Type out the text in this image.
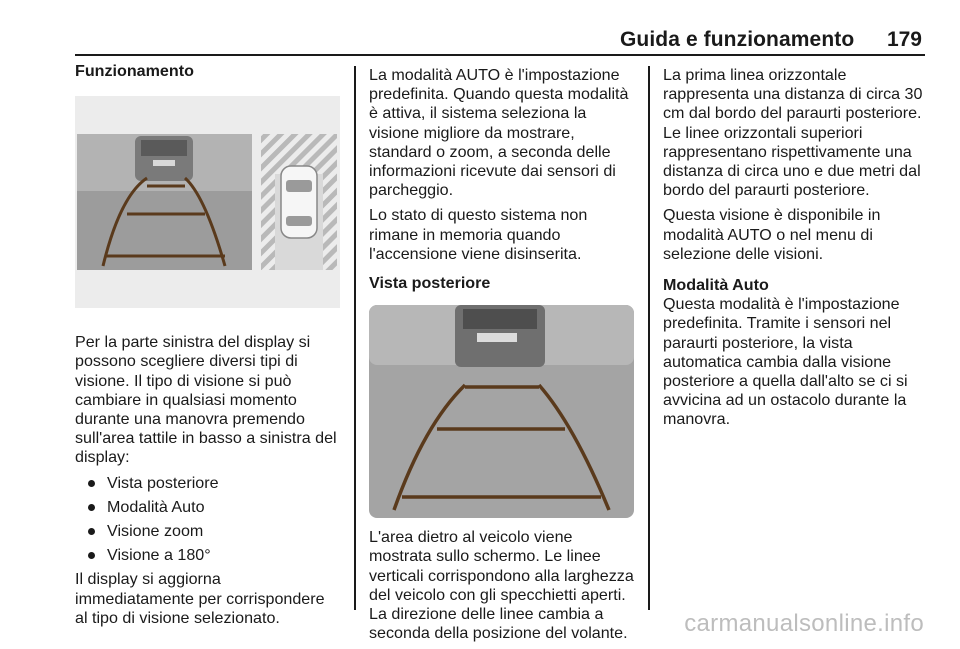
Guida e funzionamento 179
Funzionamento

Per la parte sinistra del display si possono scegliere diversi tipi di visione. Il tipo di visione si può cambiare in qualsiasi momento durante una manovra premendo sull'area tattile in basso a sinistra del display:

Vista posteriore
Modalità Auto
Visione zoom
Visione a 180°

Il display si aggiorna immediatamente per corrispondere al tipo di visione selezionato.

La modalità AUTO è l'impostazione predefinita. Quando questa modalità è attiva, il sistema seleziona la visione migliore da mostrare, standard o zoom, a seconda delle informazioni ricevute dai sensori di parcheggio.

Lo stato di questo sistema non rimane in memoria quando l'accensione viene disinserita.

Vista posteriore

L'area dietro al veicolo viene mostrata sullo schermo. Le linee verticali corrispondono alla larghezza del veicolo con gli specchietti aperti. La direzione delle linee cambia a seconda della posizione del volante.

La prima linea orizzontale rappresenta una distanza di circa 30 cm dal bordo del paraurti posteriore. Le linee orizzontali superiori rappresentano rispettivamente una distanza di circa uno e due metri dal bordo del paraurti posteriore.

Questa visione è disponibile in modalità AUTO o nel menu di selezione delle visioni.

Modalità Auto

Questa modalità è l'impostazione predefinita. Tramite i sensori nel paraurti posteriore, la vista automatica cambia dalla visione posteriore a quella dall'alto se ci si avvicina ad un ostacolo durante la manovra.

carmanualsonline.info
